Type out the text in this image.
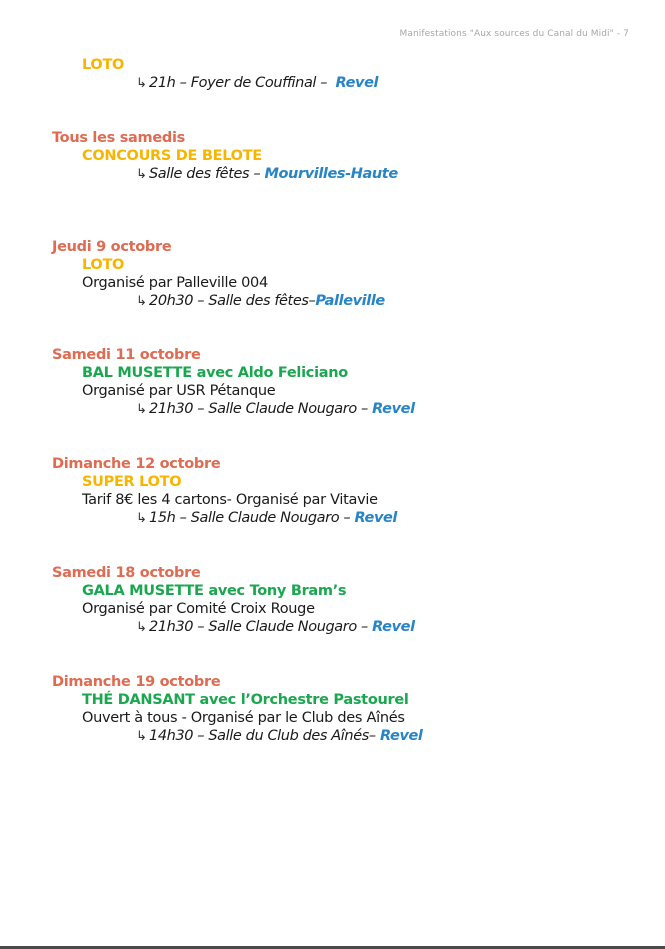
Manifestations "Aux sources du Canal du Midi" - 7
LOTO
↳ 21h – Foyer de Couffinal – Revel
Tous les samedis
CONCOURS DE BELOTE
↳ Salle des fêtes – Mourvilles-Haute
Jeudi 9 octobre
LOTO
Organisé par Palleville 004
↳ 20h30 – Salle des fêtes–Palleville
Samedi 11 octobre
BAL MUSETTE avec Aldo Feliciano
Organisé par USR Pétanque
↳ 21h30 – Salle Claude Nougaro – Revel
Dimanche 12 octobre
SUPER LOTO
Tarif 8€ les 4 cartons- Organisé par Vitavie
↳ 15h – Salle Claude Nougaro – Revel
Samedi 18 octobre
GALA MUSETTE avec Tony Bram’s
Organisé par Comité Croix Rouge
↳ 21h30 – Salle Claude Nougaro – Revel
Dimanche 19 octobre
THÉ DANSANT avec l’Orchestre Pastourel
Ouvert à tous - Organisé par le Club des Aînés
↳ 14h30 – Salle du Club des Aînés– Revel
